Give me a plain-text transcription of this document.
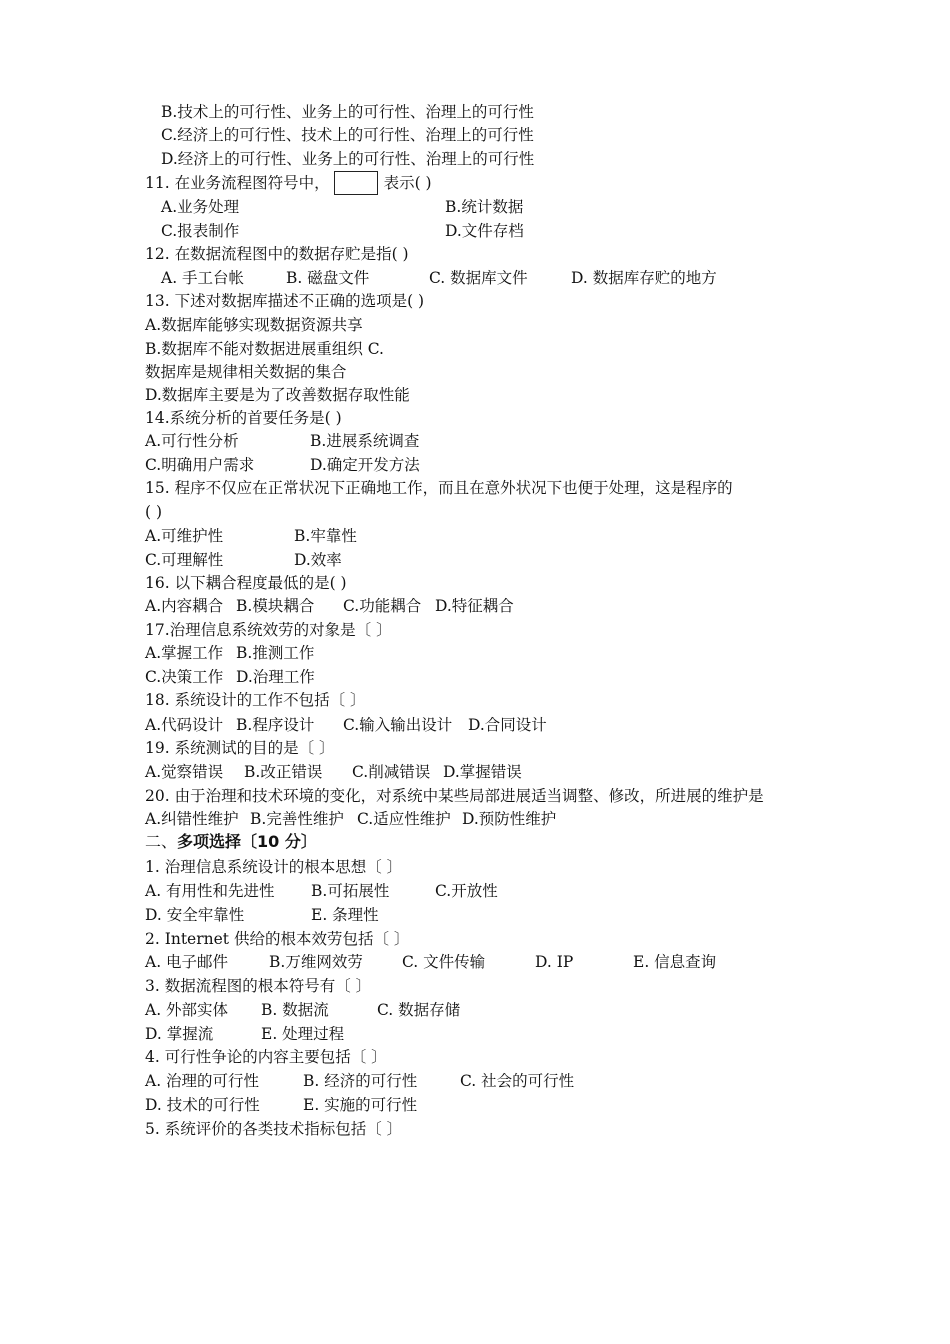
B.技术上的可行性、业务上的可行性、治理上的可行性
C.经济上的可行性、技术上的可行性、治理上的可行性
D.经济上的可行性、业务上的可行性、治理上的可行性
11. 在业务流程图符号中，	表示( )
A.业务处理	B.统计数据
C.报表制作	D.文件存档
12. 在数据流程图中的数据存贮是指( )
A. 手工台帐	B. 磁盘文件	C. 数据库文件	D. 数据库存贮的地方
13. 下述对数据库描述不正确的选项是( )
A.数据库能够实现数据资源共享
B.数据库不能对数据进展重组织 C.
数据库是规律相关数据的集合
D.数据库主要是为了改善数据存取性能
14.系统分析的首要任务是( )
A.可行性分析	B.进展系统调查
C.明确用户需求	D.确定开发方法
15. 程序不仅应在正常状况下正确地工作，而且在意外状况下也便于处理，这是程序的
( )
A.可维护性	B.牢靠性
C.可理解性	D.效率
16. 以下耦合程度最低的是( )
A.内容耦合 B.模块耦合 C.功能耦合 D.特征耦合
17.治理信息系统效劳的对象是〔 〕
A.掌握工作 B.推测工作
C.决策工作 D.治理工作
18. 系统设计的工作不包括〔 〕
A.代码设计 B.程序设计 C.输入输出设计 D.合同设计
19. 系统测试的目的是〔 〕
A.觉察错误 B.改正错误 C.削减错误 D.掌握错误
20. 由于治理和技术环境的变化，对系统中某些局部进展适当调整、修改，所进展的维护是
A.纠错性维护 B.完善性维护 C.适应性维护 D.预防性维护
二、多项选择〔10 分〕
1. 治理信息系统设计的根本思想〔 〕
A. 有用性和先进性 B.可拓展性	C.开放性
D. 安全牢靠性	E. 条理性
2. Internet 供给的根本效劳包括〔 〕
A. 电子邮件	B.万维网效劳	C. 文件传输	D. IP	E. 信息查询
3. 数据流程图的根本符号有〔 〕
A. 外部实体 B. 数据流	C. 数据存储
D. 掌握流	E. 处理过程
4. 可行性争论的内容主要包括〔 〕
A. 治理的可行性	B. 经济的可行性	C. 社会的可行性
D. 技术的可行性	E. 实施的可行性
5. 系统评价的各类技术指标包括〔 〕
